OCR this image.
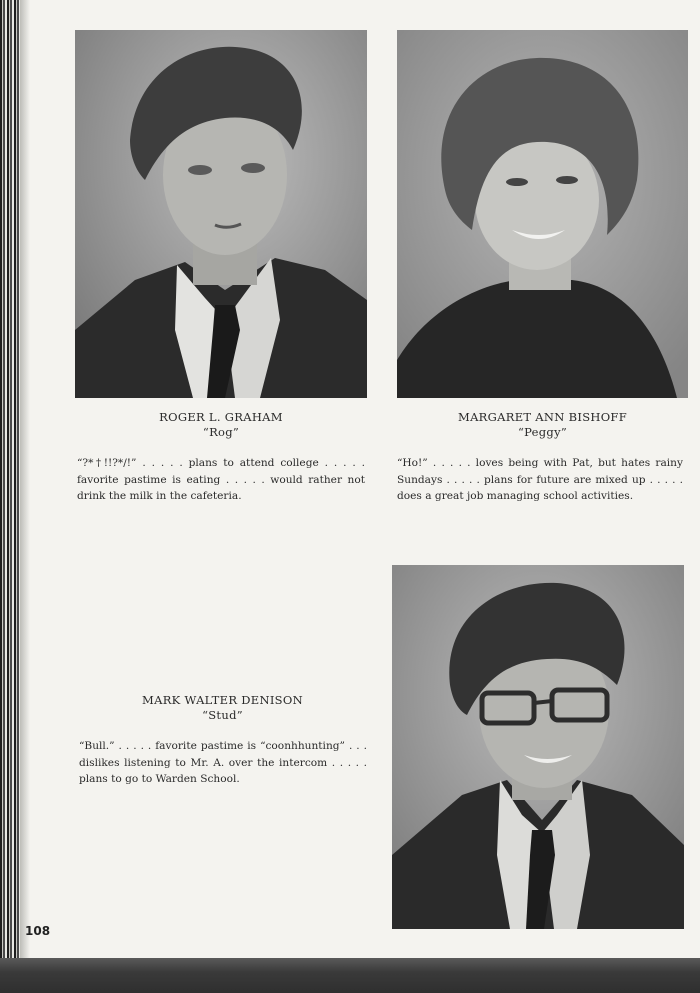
ROGER L. GRAHAM
“Rog”
“?*†!!?*/!” . . . . . plans to attend college . . . . . favorite pastime is eating . . . . . would rather not drink the milk in the cafeteria.
MARGARET ANN BISHOFF
“Peggy”
“Ho!” . . . . . loves being with Pat, but hates rainy Sundays . . . . . plans for future are mixed up . . . . . does a great job managing school activities.
MARK WALTER DENISON
“Stud”
“Bull.” . . . . . favorite pastime is “coonhhunting” . . . dislikes listening to Mr. A. over the intercom . . . . . plans to go to Warden School.
108
